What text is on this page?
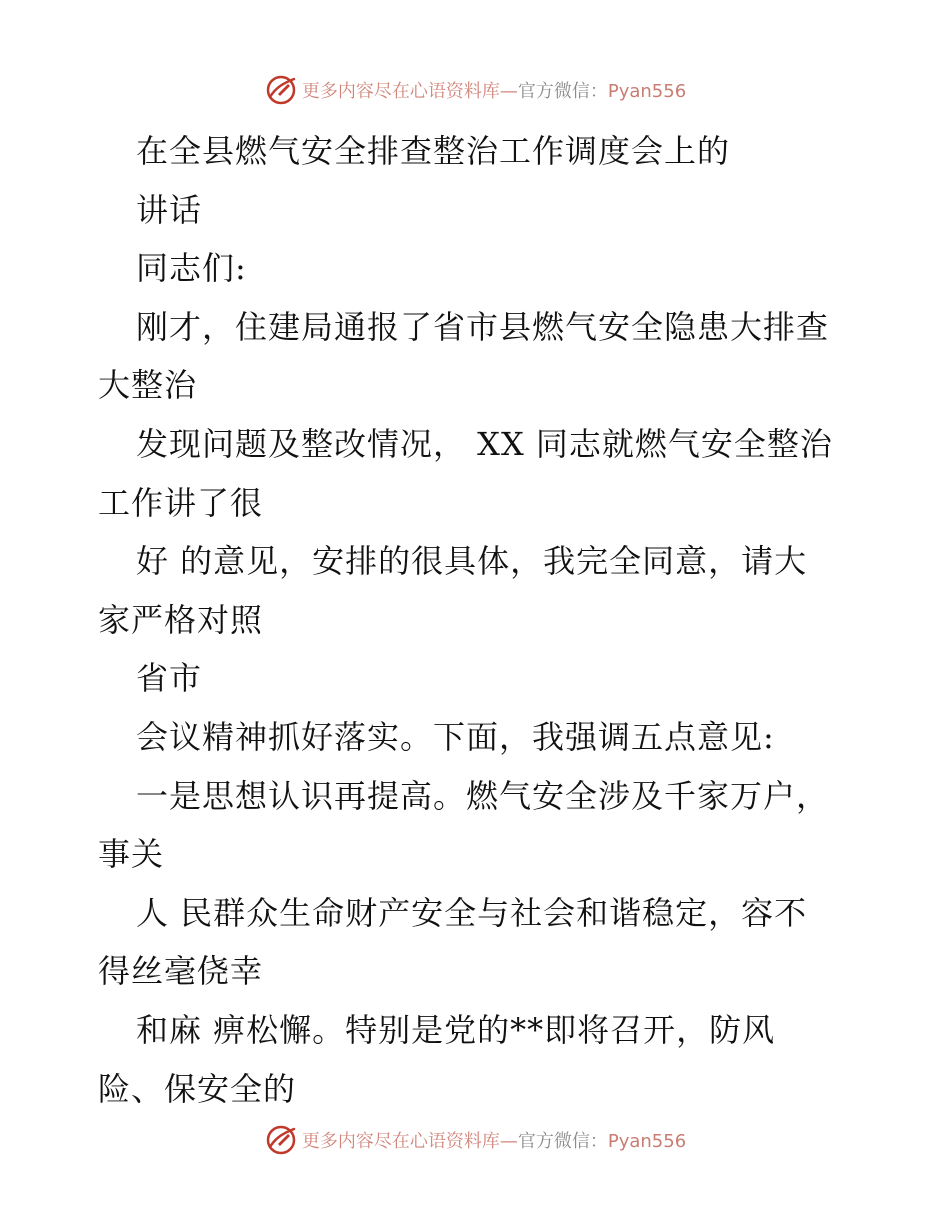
更多内容尽在心语资料库—官方微信：Pyan556
在全县燃气安全排查整治工作调度会上的
讲话
同志们:
刚才，住建局通报了省市县燃气安全隐患大排查
大整治
发现问题及整改情况， XX 同志就燃气安全整治
工作讲了很
好 的意见，安排的很具体，我完全同意，请大
家严格对照
省市
会议精神抓好落实。下面，我强调五点意见:
一是思想认识再提高。燃气安全涉及千家万户，
事关
人 民群众生命财产安全与社会和谐稳定，容不
得丝毫侥幸
和麻 痹松懈。特别是党的**即将召开，防风
险、保安全的
更多内容尽在心语资料库—官方微信：Pyan556
